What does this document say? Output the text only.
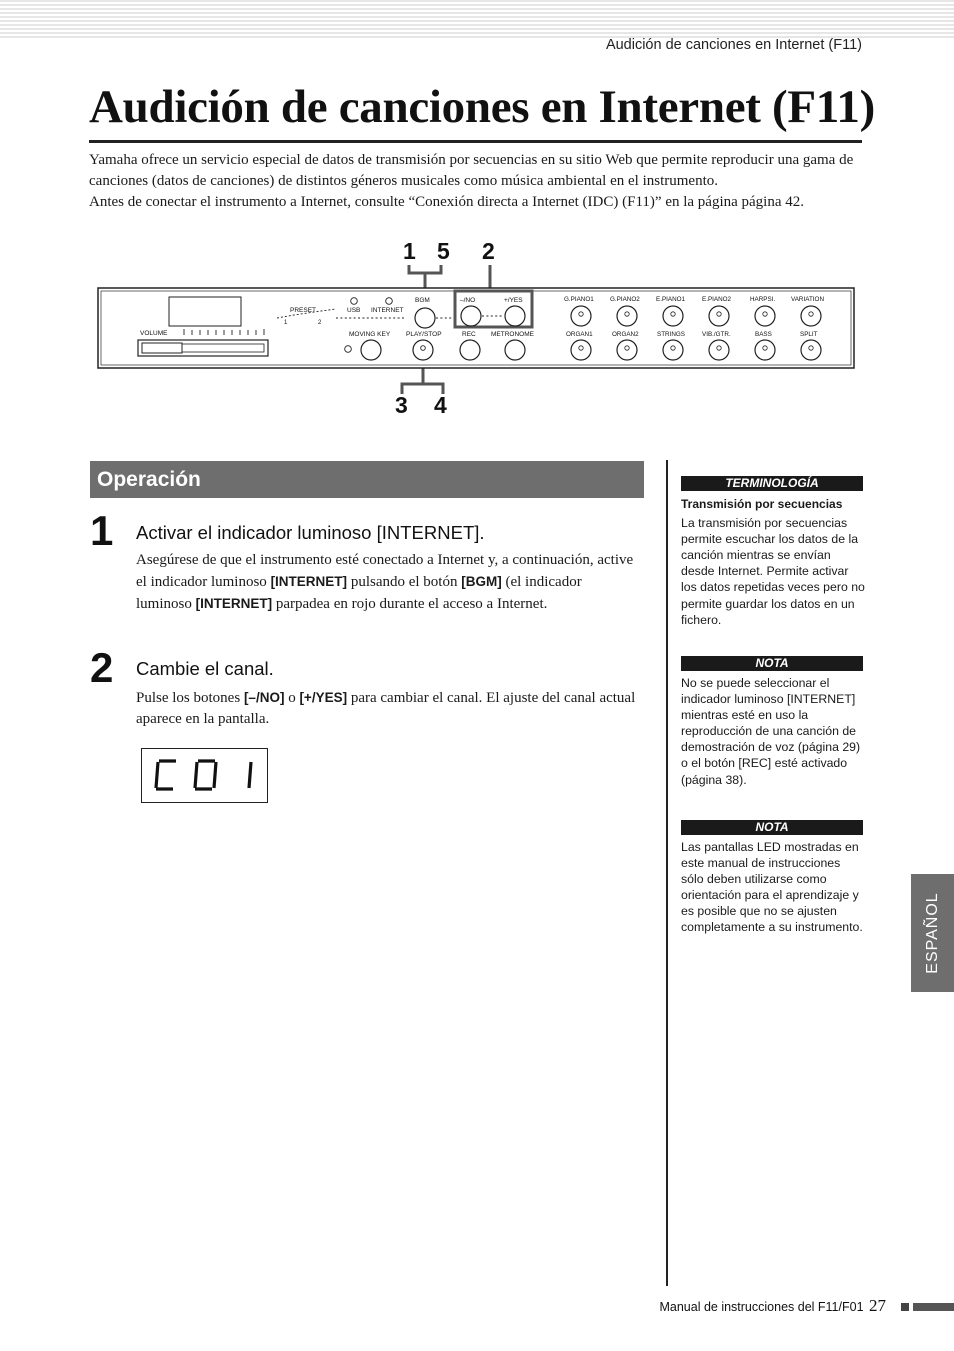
Audición de canciones en Internet (F11)
Audición de canciones en Internet (F11)

Yamaha ofrece un servicio especial de datos de transmisión por secuencias en su sitio Web que permite reproducir una gama de canciones (datos de canciones) de distintos géneros musicales como música ambiental en el instrumento.

Antes de conectar el instrumento a Internet, consulte “Conexión directa a Internet (IDC) (F11)” en la página página 42.

1 5 2
3 4
VOLUME
PRESET
1	2
USB INTERNET
BGM	–/NO	+/YES
MOVING KEY PLAY/STOP	REC METRONOME
G.PIANO1	G.PIANO2	E.PIANO1	E.PIANO2	HARPSI.	VARIATION
ORGAN1	ORGAN2	STRINGS	VIB./GTR.	BASS	SPLIT
Operación
1 Activar el indicador luminoso [INTERNET].

Asegúrese de que el instrumento esté conectado a Internet y, a continuación, active el indicador luminoso [INTERNET] pulsando el botón [BGM] (el indicador luminoso [INTERNET] parpadea en rojo durante el acceso a Internet.

2 Cambie el canal.

Pulse los botones [–/NO] o [+/YES] para cambiar el canal. El ajuste del canal actual aparece en la pantalla.

C01
TERMINOLOGÍA

Transmisión por secuencias

La transmisión por secuencias permite escuchar los datos de la canción mientras se envían desde Internet. Permite activar los datos repetidas veces pero no permite guardar los datos en un fichero.

NOTA

No se puede seleccionar el indicador luminoso [INTERNET] mientras esté en uso la reproducción de una canción de demostración de voz (página 29) o el botón [REC] esté activado (página 38).

NOTA

Las pantallas LED mostradas en este manual de instrucciones sólo deben utilizarse como orientación para el aprendizaje y es posible que no se ajusten completamente a su instrumento.	ESPAÑOL
Manual de instrucciones del F11/F01 27
